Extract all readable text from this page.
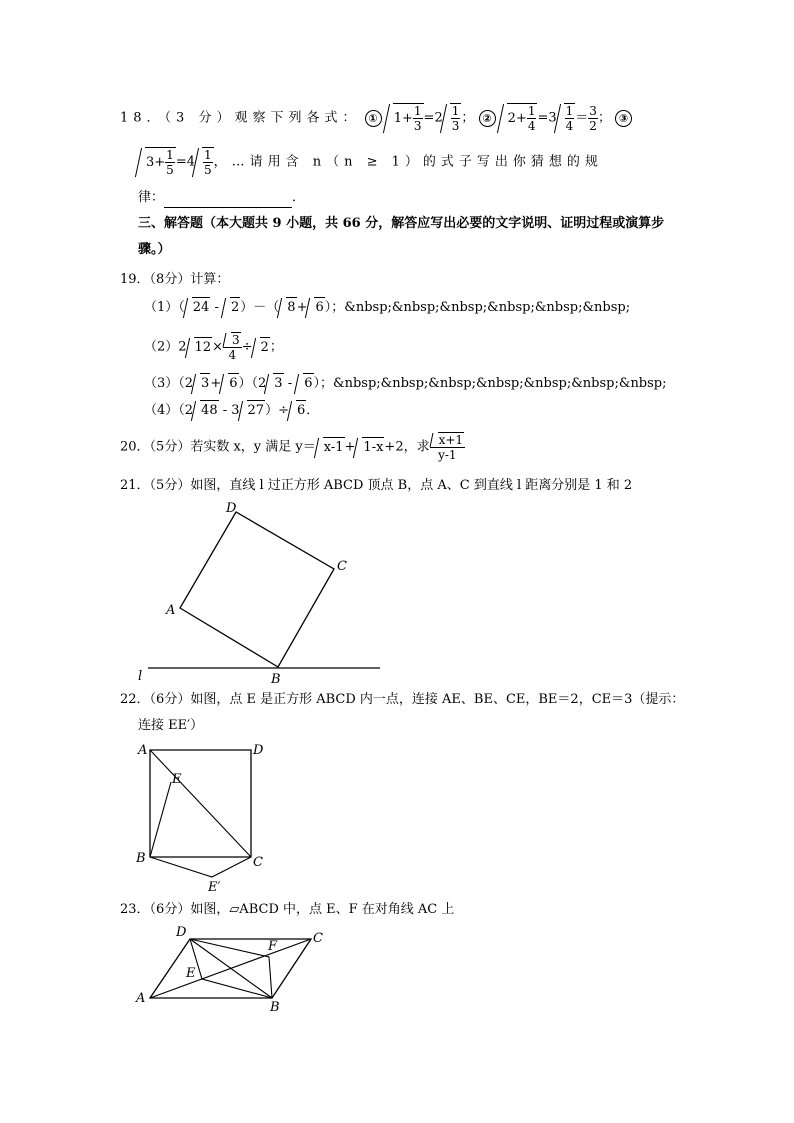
18．（3 分）观察下列各式： ① $1+ \frac{1}{3} =2 \frac{1}{3}$ ； ② $2+ \frac{1}{4} =3 \frac{1}{4} = \frac{3}{2}$ ； ③
$3+ \frac{1}{5} =4 \frac{1}{5}$ ，…请用含 n（n ≥ 1）的式子写出你猜想的规
律：	．
三、解答题（本大题共 9 小题，共 66 分，解答应写出必要的文字说明、证明过程或演算步
骤。）
19．（8分）计算：
（1）（ 24 - 2）－（ 8+ 6）；&nbsp;&nbsp;&nbsp;&nbsp;&nbsp;&nbsp;
（2）2 $12\times \frac{3}{4} \div 2$；
（3）（2 3+ 6）（2 3 - 6）；&nbsp;&nbsp;&nbsp;&nbsp;&nbsp;&nbsp;&nbsp;
（4）（2 48 - 3 27）÷ 6．
20．（5分）若实数 x，y 满足 y＝ x-1+ 1-x+2，求 $\frac{x+1}{y-1}$
21．（5分）如图，直线 l 过正方形 ABCD 顶点 B，点 A、C 到直线 l 距离分别是 1 和 2
D
C
A
B
l
22．（6分）如图，点 E 是正方形 ABCD 内一点，连接 AE、BE、CE，BE＝2，CE＝3（提示：
连接 EE′）
A	D
E
B	C
E′
23．（6分）如图，▱ABCD 中，点 E、F 在对角线 AC 上
D
F
C
E
A
B
